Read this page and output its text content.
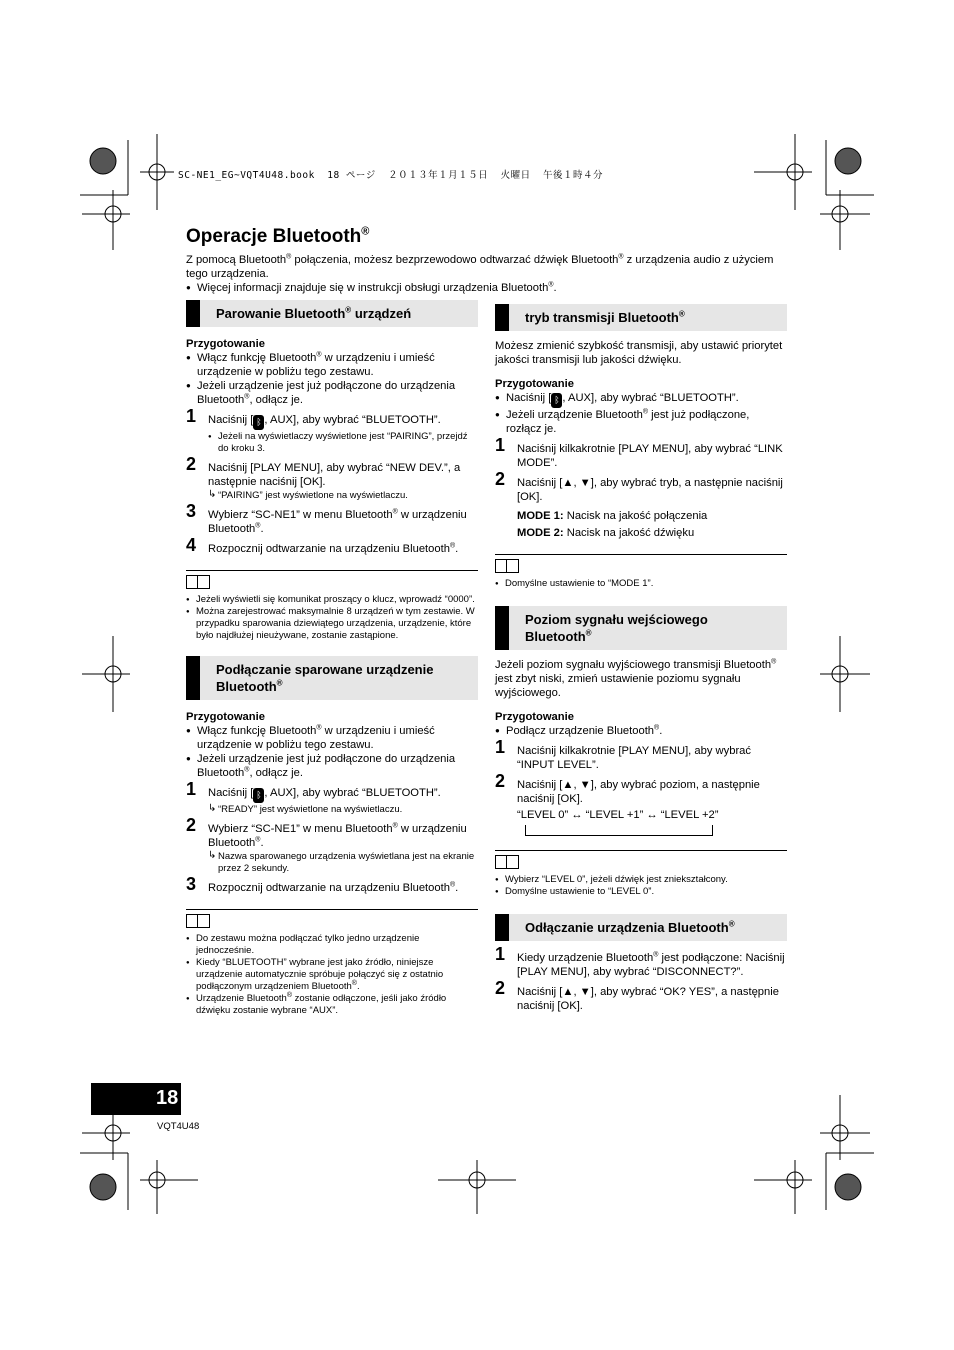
SC-NE1_EG~VQT4U48.book  18 ページ  ２０１３年１月１５日  火曜日  午後１時４分
Operacje Bluetooth®

Z pomocą Bluetooth® połączenia, możesz bezprzewodowo odtwarzać dźwięk Bluetooth® z urządzenia audio z użyciem tego urządzenia.

● Więcej informacji znajduje się w instrukcji obsługi urządzenia Bluetooth®.

Parowanie Bluetooth® urządzeń
Przygotowanie

● Włącz funkcję Bluetooth® w urządzeniu i umieść urządzenie w pobliżu tego zestawu.

● Jeżeli urządzenie jest już podłączone do urządzenia Bluetooth®, odłącz je.

1 Naciśnij [ ᛒ , AUX], aby wybrać “BLUETOOTH”.
● Jeżeli na wyświetlaczy wyświetlone jest “PAIRING”, przejdź do kroku 3.
2 Naciśnij [PLAY MENU], aby wybrać “NEW DEV.”, a następnie naciśnij [OK].
↳ “PAIRING” jest wyświetlone na wyświetlaczu.
3 Wybierz “SC-NE1” w menu Bluetooth® w urządzeniu Bluetooth®.
4 Rozpocznij odtwarzanie na urządzeniu Bluetooth®.
● Jeżeli wyświetli się komunikat proszący o klucz, wprowadź “0000”.
● Można zarejestrować maksymalnie 8 urządzeń w tym zestawie. W przypadku sparowania dziewiątego urządzenia, urządzenie, które było najdłużej nieużywane, zostanie zastąpione.
Podłączanie sparowane urządzenie Bluetooth®
Przygotowanie

● Włącz funkcję Bluetooth® w urządzeniu i umieść urządzenie w pobliżu tego zestawu.

● Jeżeli urządzenie jest już podłączone do urządzenia Bluetooth®, odłącz je.

1 Naciśnij [ ᛒ , AUX], aby wybrać “BLUETOOTH”.
↳ “READY” jest wyświetlone na wyświetlaczu.
2 Wybierz “SC-NE1” w menu Bluetooth® w urządzeniu Bluetooth®.
↳ Nazwa sparowanego urządzenia wyświetlana jest na ekranie przez 2 sekundy.
3 Rozpocznij odtwarzanie na urządzeniu Bluetooth®.
● Do zestawu można podłączać tylko jedno urządzenie jednocześnie.
● Kiedy “BLUETOOTH” wybrane jest jako źródło, niniejsze urządzenie automatycznie spróbuje połączyć się z ostatnio podłączonym urządzeniem Bluetooth®.
● Urządzenie Bluetooth® zostanie odłączone, jeśli jako źródło dźwięku zostanie wybrane “AUX”.
tryb transmisji Bluetooth®

Możesz zmienić szybkość transmisji, aby ustawić priorytet jakości transmisji lub jakości dźwięku.

Przygotowanie

● Naciśnij [ ᛒ , AUX], aby wybrać “BLUETOOTH”.

● Jeżeli urządzenie Bluetooth® jest już podłączone, rozłącz je.

1 Naciśnij kilkakrotnie [PLAY MENU], aby wybrać “LINK MODE”.
2 Naciśnij [▲, ▼], aby wybrać tryb, a następnie naciśnij [OK].
MODE 1: Nacisk na jakość połączenia
MODE 2: Nacisk na jakość dźwięku
● Domyślne ustawienie to “MODE 1”.
Poziom sygnału wejściowego Bluetooth®

Jeżeli poziom sygnału wyjściowego transmisji Bluetooth® jest zbyt niski, zmień ustawienie poziomu sygnału wyjściowego.

Przygotowanie

● Podłącz urządzenie Bluetooth®.

1 Naciśnij kilkakrotnie [PLAY MENU], aby wybrać “INPUT LEVEL”.
2 Naciśnij [▲, ▼], aby wybrać poziom, a następnie naciśnij [OK].
“LEVEL 0” ↔ “LEVEL +1” ↔ “LEVEL +2”
● Wybierz “LEVEL 0”, jeżeli dźwięk jest zniekształcony.
● Domyślne ustawienie to “LEVEL 0”.
Odłączanie urządzenia Bluetooth®
1 Kiedy urządzenie Bluetooth® jest podłączone: Naciśnij [PLAY MENU], aby wybrać “DISCONNECT?”.
2 Naciśnij [▲, ▼], aby wybrać “OK? YES”, a następnie naciśnij [OK].
18
VQT4U48
